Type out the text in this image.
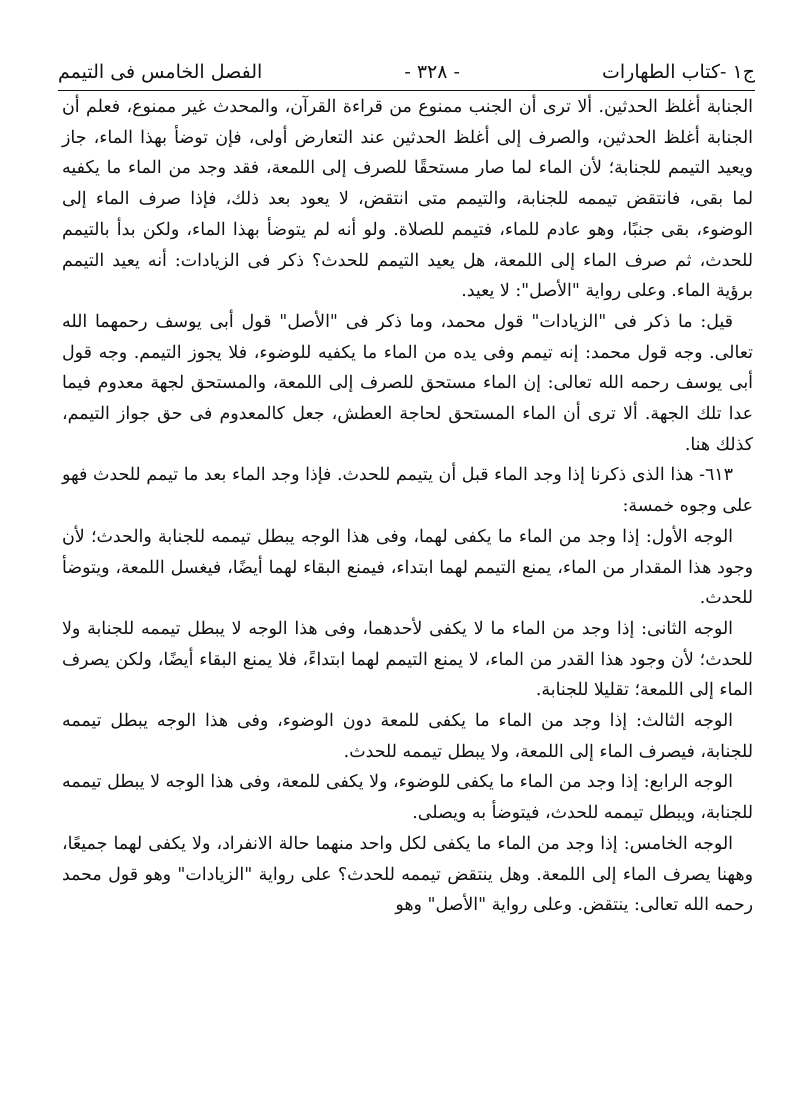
ج١ -كتاب الطهارات
- ٣٢٨ -
الفصل الخامس فى التيمم

الجنابة أغلظ الحدثين. ألا ترى أن الجنب ممنوع من قراءة القرآن، والمحدث غير ممنوع، فعلم أن الجنابة أغلظ الحدثين، والصرف إلى أغلظ الحدثين عند التعارض أولى، فإن توضأ بهذا الماء، جاز ويعيد التيمم للجنابة؛ لأن الماء لما صار مستحقًا للصرف إلى اللمعة، فقد وجد من الماء ما يكفيه لما بقى، فانتقض تيممه للجنابة، والتيمم متى انتقض، لا يعود بعد ذلك، فإذا صرف الماء إلى الوضوء، بقى جنبًا، وهو عادم للماء، فتيمم للصلاة. ولو أنه لم يتوضأ بهذا الماء، ولكن بدأ بالتيمم للحدث، ثم صرف الماء إلى اللمعة، هل يعيد التيمم للحدث؟ ذكر فى الزيادات: أنه يعيد التيمم برؤية الماء. وعلى رواية "الأصل": لا يعيد.

قيل: ما ذكر فى "الزيادات" قول محمد، وما ذكر فى "الأصل" قول أبى يوسف رحمهما الله تعالى. وجه قول محمد: إنه تيمم وفى يده من الماء ما يكفيه للوضوء، فلا يجوز التيمم. وجه قول أبى يوسف رحمه الله تعالى: إن الماء مستحق للصرف إلى اللمعة، والمستحق لجهة معدوم فيما عدا تلك الجهة. ألا ترى أن الماء المستحق لحاجة العطش، جعل كالمعدوم فى حق جواز التيمم، كذلك هنا.

٦١٣- هذا الذى ذكرنا إذا وجد الماء قبل أن يتيمم للحدث. فإذا وجد الماء بعد ما تيمم للحدث فهو على وجوه خمسة:

الوجه الأول: إذا وجد من الماء ما يكفى لهما، وفى هذا الوجه يبطل تيممه للجنابة والحدث؛ لأن وجود هذا المقدار من الماء، يمنع التيمم لهما ابتداء، فيمنع البقاء لهما أيضًا، فيغسل اللمعة، ويتوضأ للحدث.

الوجه الثانى: إذا وجد من الماء ما لا يكفى لأحدهما، وفى هذا الوجه لا يبطل تيممه للجنابة ولا للحدث؛ لأن وجود هذا القدر من الماء، لا يمنع التيمم لهما ابتداءً، فلا يمنع البقاء أيضًا، ولكن يصرف الماء إلى اللمعة؛ تقليلا للجنابة.

الوجه الثالث: إذا وجد من الماء ما يكفى للمعة دون الوضوء، وفى هذا الوجه يبطل تيممه للجنابة، فيصرف الماء إلى اللمعة، ولا يبطل تيممه للحدث.

الوجه الرابع: إذا وجد من الماء ما يكفى للوضوء، ولا يكفى للمعة، وفى هذا الوجه لا يبطل تيممه للجنابة، ويبطل تيممه للحدث، فيتوضأ به ويصلى.

الوجه الخامس: إذا وجد من الماء ما يكفى لكل واحد منهما حالة الانفراد، ولا يكفى لهما جميعًا، وههنا يصرف الماء إلى اللمعة. وهل ينتقض تيممه للحدث؟ على رواية "الزيادات" وهو قول محمد رحمه الله تعالى: ينتقض. وعلى رواية "الأصل" وهو
